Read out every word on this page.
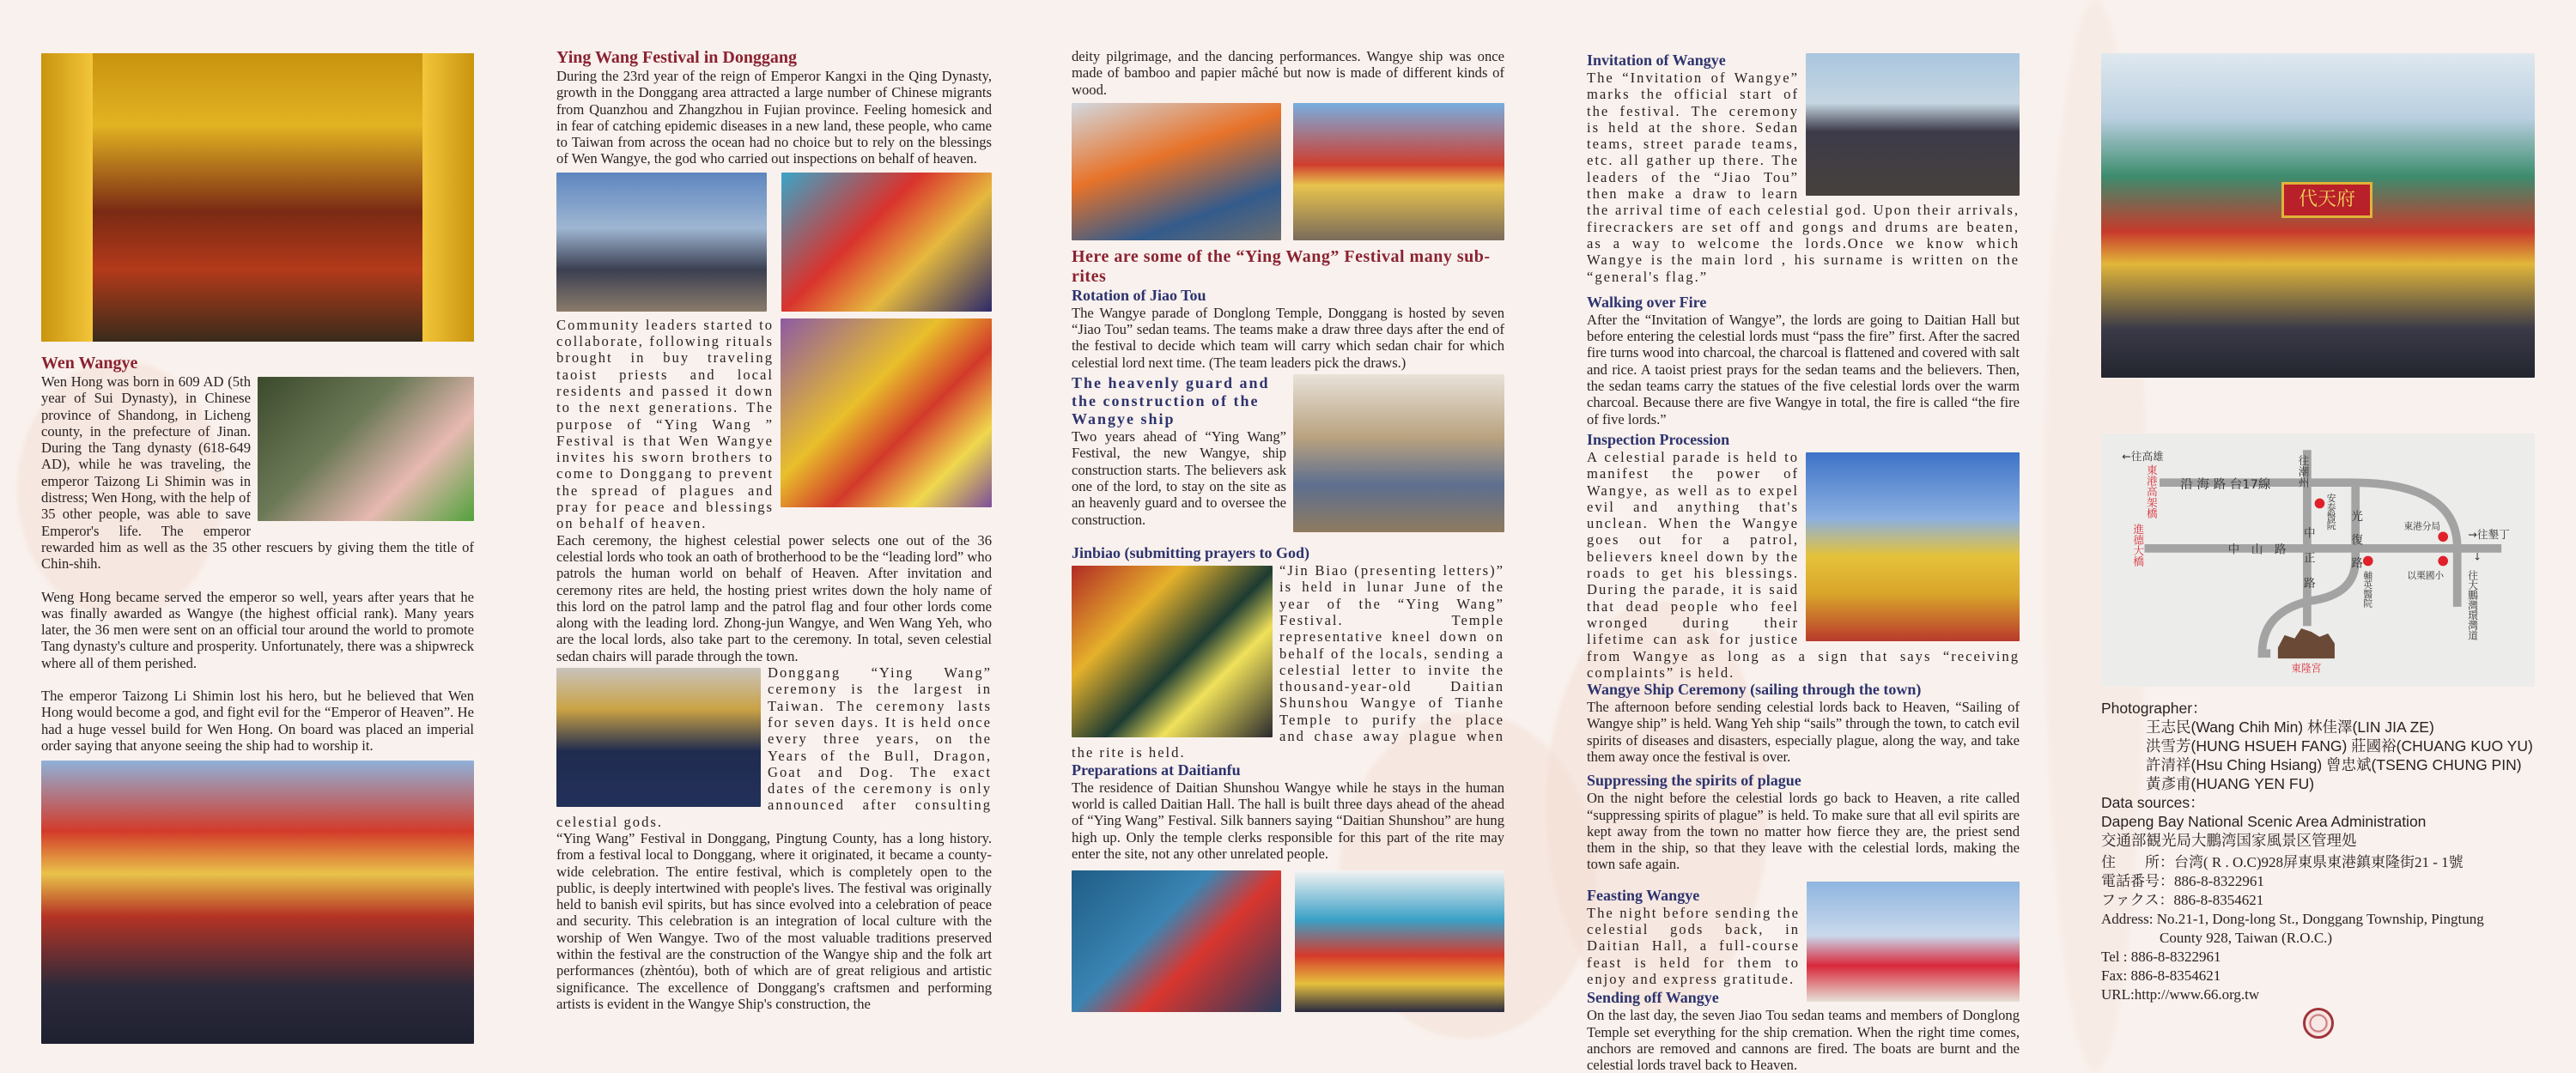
Wen Wangye

Wen Hong was born in 609 AD (5th year of Sui Dynasty), in Chinese province of Shandong, in Licheng county, in the prefecture of Jinan. During the Tang dynasty (618-649 AD), while he was traveling, the emperor Taizong Li Shimin was in distress; Wen Hong, with the help of 35 other people, was able to save Emperor's life. The emperor rewarded him as well as the 35 other rescuers by giving them the title of Chin-shih.

Weng Hong became served the emperor so well, years after years that he was finally awarded as Wangye (the highest official rank). Many years later, the 36 men were sent on an official tour around the world to promote Tang dynasty's culture and prosperity. Unfortunately, there was a shipwreck where all of them perished.

The emperor Taizong Li Shimin lost his hero, but he believed that Wen Hong would become a god, and fight evil for the “Emperor of Heaven”. He had a huge vessel build for Wen Hong. On board was placed an imperial order saying that anyone seeing the ship had to worship it.

Ying Wang Festival in Donggang

During the 23rd year of the reign of Emperor Kangxi in the Qing Dynasty, growth in the Donggang area attracted a large number of Chinese migrants from Quanzhou and Zhangzhou in Fujian province. Feeling homesick and in fear of catching epidemic diseases in a new land, these people, who came to Taiwan from across the ocean had no choice but to rely on the blessings of Wen Wangye, the god who carried out inspections on behalf of heaven.

Community leaders started to collaborate, following rituals brought in buy traveling taoist priests and local residents and passed it down to the next generations. The purpose of “Ying Wang ” Festival is that Wen Wangye invites his sworn brothers to come to Donggang to prevent the spread of plagues and pray for peace and blessings on behalf of heaven.

Each ceremony, the highest celestial power selects one out of the 36 celestial lords who took an oath of brotherhood to be the “leading lord” who patrols the human world on behalf of Heaven. After invitation and ceremony rites are held, the hosting priest writes down the holy name of this lord on the patrol lamp and the patrol flag and four other lords come along with the leading lord. Zhong-jun Wangye, and Wen Wang Yeh, who are the local lords, also take part to the ceremony. In total, seven celestial sedan chairs will parade through the town.

Donggang “Ying Wang” ceremony is the largest in Taiwan. The ceremony lasts for seven days. It is held once every three years, on the Years of the Bull, Dragon, Goat and Dog. The exact dates of the ceremony is only announced after consulting celestial gods.

“Ying Wang” Festival in Donggang, Pingtung County, has a long history. from a festival local to Donggang, where it originated, it became a county-wide celebration. The entire festival, which is completely open to the public, is deeply intertwined with people's lives. The festival was originally held to banish evil spirits, but has since evolved into a celebration of peace and security. This celebration is an integration of local culture with the worship of Wen Wangye. Two of the most valuable traditions preserved within the festival are the construction of the Wangye ship and the folk art performances (zhèntóu), both of which are of great religious and artistic significance. The excellence of Donggang's craftsmen and performing artists is evident in the Wangye Ship's construction, the

deity pilgrimage, and the dancing performances. Wangye ship was once made of bamboo and papier mâché but now is made of different kinds of wood.

Here are some of the “Ying Wang” Festival many sub-rites
Rotation of Jiao Tou

The Wangye parade of Donglong Temple, Donggang is hosted by seven “Jiao Tou” sedan teams. The teams make a draw three days after the end of the festival to decide which team will carry which sedan chair for which celestial lord next time. (The team leaders pick the draws.)

The heavenly guard and the construction of the Wangye ship

Two years ahead of “Ying Wang” Festival, the new Wangye, ship construction starts. The believers ask one of the lord, to stay on the site as an heavenly guard and to oversee the construction.

Jinbiao (submitting prayers to God)

“Jin Biao (presenting letters)” is held in lunar June of the year of the “Ying Wang” Festival. Temple representative kneel down on behalf of the locals, sending a celestial letter to invite the thousand-year-old Daitian Shunshou Wangye of Tianhe Temple to purify the place and chase away plague when the rite is held.

Preparations at Daitianfu

The residence of Daitian Shunshou Wangye while he stays in the human world is called Daitian Hall. The hall is built three days ahead of the ahead of “Ying Wang” Festival. Silk banners saying “Daitian Shunshou” are hung high up. Only the temple clerks responsible for this part of the rite may enter the site, not any other unrelated people.

Invitation of Wangye

The “Invitation of Wangye” marks the official start of the festival. The ceremony is held at the shore. Sedan teams, street parade teams, etc. all gather up there. The leaders of the “Jiao Tou” then make a draw to learn the arrival time of each celestial god. Upon their arrivals, firecrackers are set off and gongs and drums are beaten, as a way to welcome the lords.Once we know which Wangye is the main lord , his surname is written on the “general's flag.”

Walking over Fire

After the “Invitation of Wangye”, the lords are going to Daitian Hall but before entering the celestial lords must “pass the fire” first. After the sacred fire turns wood into charcoal, the charcoal is flattened and covered with salt and rice. A taoist priest prays for the sedan teams and the believers. Then, the sedan teams carry the statues of the five celestial lords over the warm charcoal. Because there are five Wangye in total, the fire is called “the fire of five lords.”

Inspection Procession

A celestial parade is held to manifest the power of Wangye, as well as to expel evil and anything that's unclean. When the Wangye goes out for a patrol, believers kneel down by the roads to get his blessings. During the parade, it is said that dead people who feel wronged during their lifetime can ask for justice from Wangye as long as a sign that says “receiving complaints” is held.

Wangye Ship Ceremony (sailing through the town)

The afternoon before sending celestial lords back to Heaven, “Sailing of Wangye ship” is held. Wang Yeh ship “sails” through the town, to catch evil spirits of diseases and disasters, especially plague, along the way, and take them away once the festival is over.

Suppressing the spirits of plague

On the night before the celestial lords go back to Heaven, a rite called “suppressing spirits of plague” is held. To make sure that all evil spirits are kept away from the town no matter how fierce they are, the priest send them in the ship, so that they leave with the celestial lords, making the town safe again.

Feasting Wangye

The night before sending the celestial gods back, in Daitian Hall, a full-course feast is held for them to enjoy and express gratitude.

Sending off Wangye

On the last day, the seven Jiao Tou sedan teams and members of Donglong Temple set everything for the ship cremation. When the right time comes, anchors are removed and cannons are fired. The boats are burnt and the celestial lords travel back to Heaven.

代天府
←往高雄
沿 海 路 台17線 往潮州
安泰醫院 光復路
中正路
中　山　路
輔英醫院
東港分局
以栗國小
→往墾丁
↓
往大鵬灣環灣道
東港高架橋
進德大橋
東隆宮

Photographer：

王志民(Wang Chih Min) 林佳澤(LIN JIA ZE)

洪雪芳(HUNG HSUEH FANG) 莊國裕(CHUANG KUO YU)

許清祥(Hsu Ching Hsiang) 曾忠斌(TSENG CHUNG PIN)

黃彥甫(HUANG YEN FU)

Data sources：

Dapeng Bay National Scenic Area Administration

交通部観光局大鵬湾国家風景区管理処

住　　所：台湾( R . O.C)928屏東県東港鎮東隆街21 - 1號

電話番号：886-8-8322961

ファクス：886-8-8354621

Address: No.21-1, Dong-long St., Donggang Township, Pingtung

County 928, Taiwan (R.O.C.)

Tel : 886-8-8322961

Fax: 886-8-8354621

URL:http://www.66.org.tw
